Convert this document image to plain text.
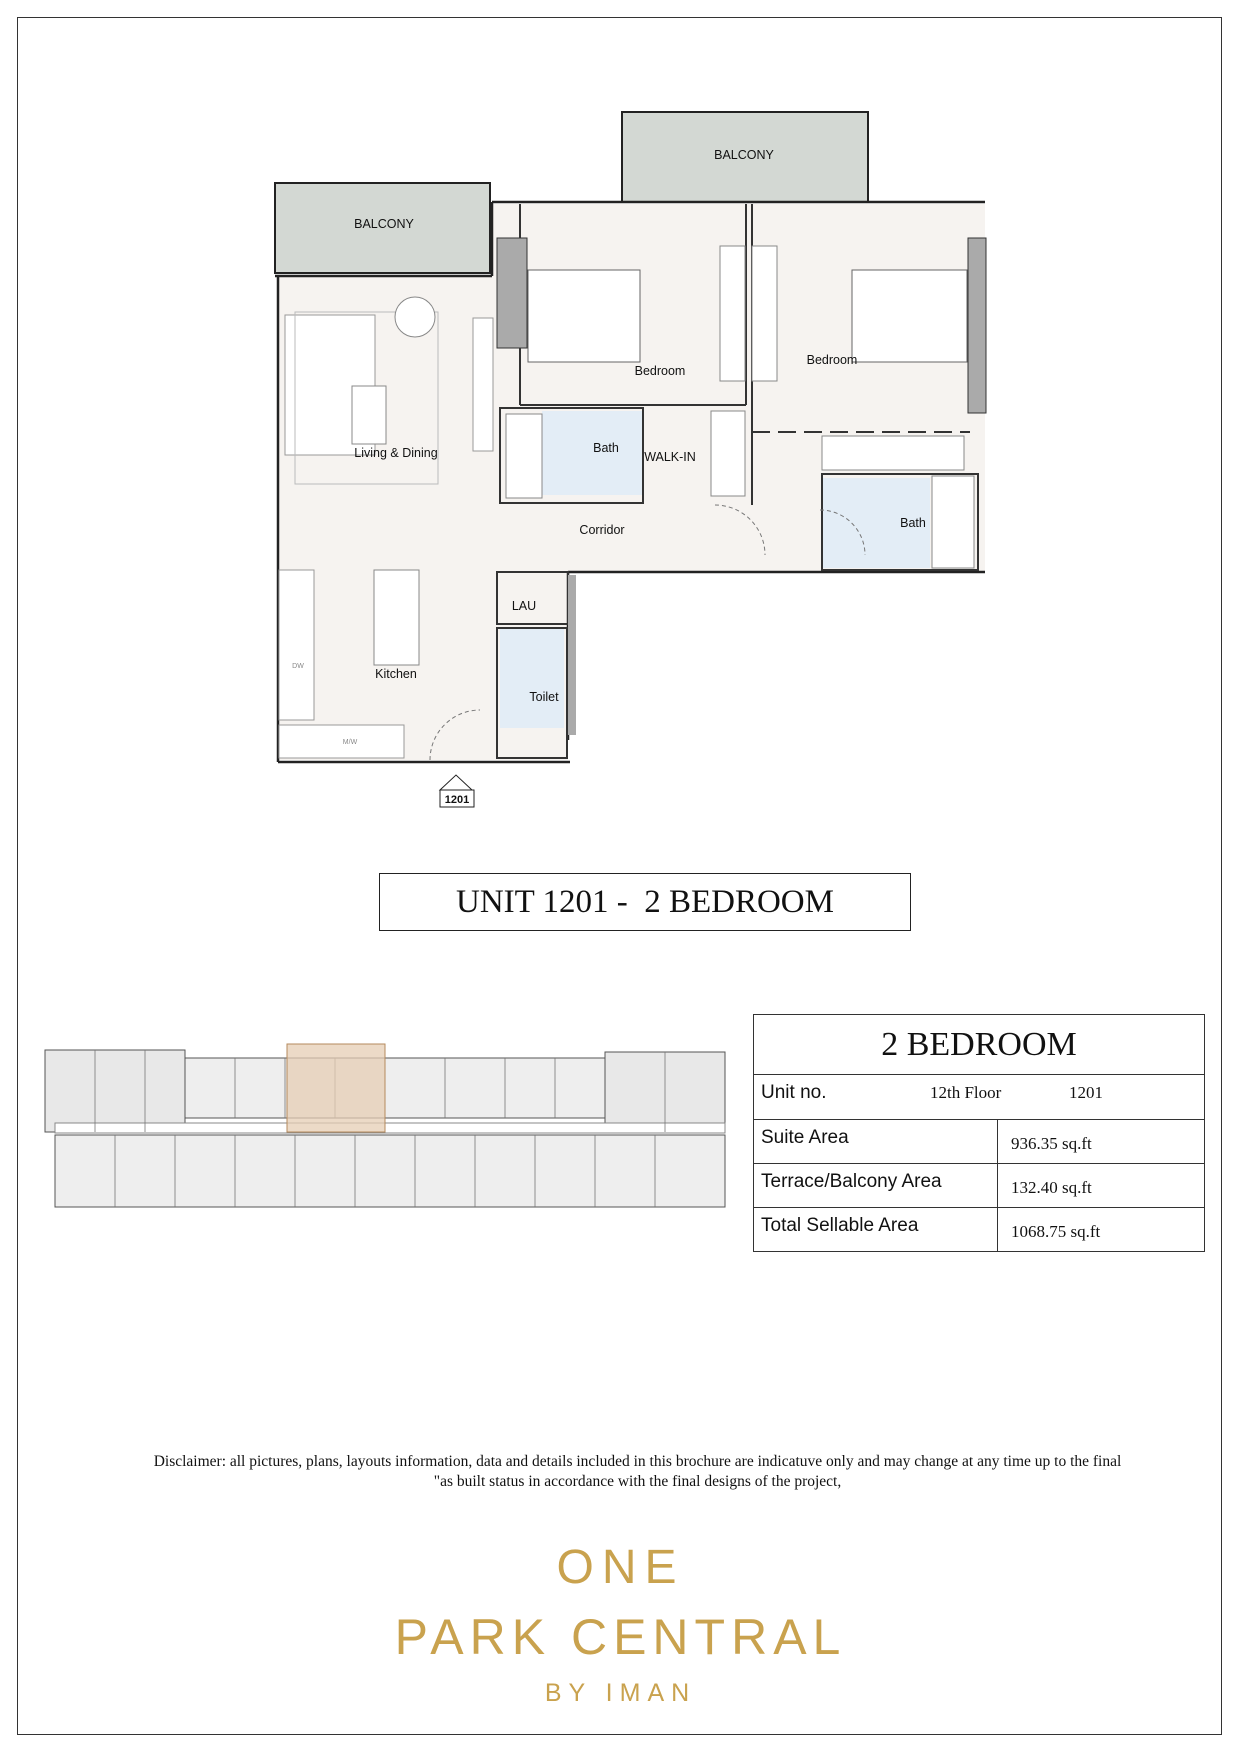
1201
BALCONY
BALCONY
Bedroom
Bedroom
Living & Dining	Bath
WALK-IN
Bath
Corridor
LAU
Kitchen
Toilet
DW
M/W
UNIT 1201 -  2 BEDROOM
2 BEDROOM
Unit no.	12th Floor	1201
Suite Area	936.35 sq.ft
Terrace/Balcony Area	132.40 sq.ft
Total Sellable Area	1068.75 sq.ft
Disclaimer: all pictures, plans, layouts information, data and details included in this brochure are indicatuve only and may change at any time up to the final
"as built status in accordance with the final designs of the project,
ONE
PARK CENTRAL
BY IMAN
